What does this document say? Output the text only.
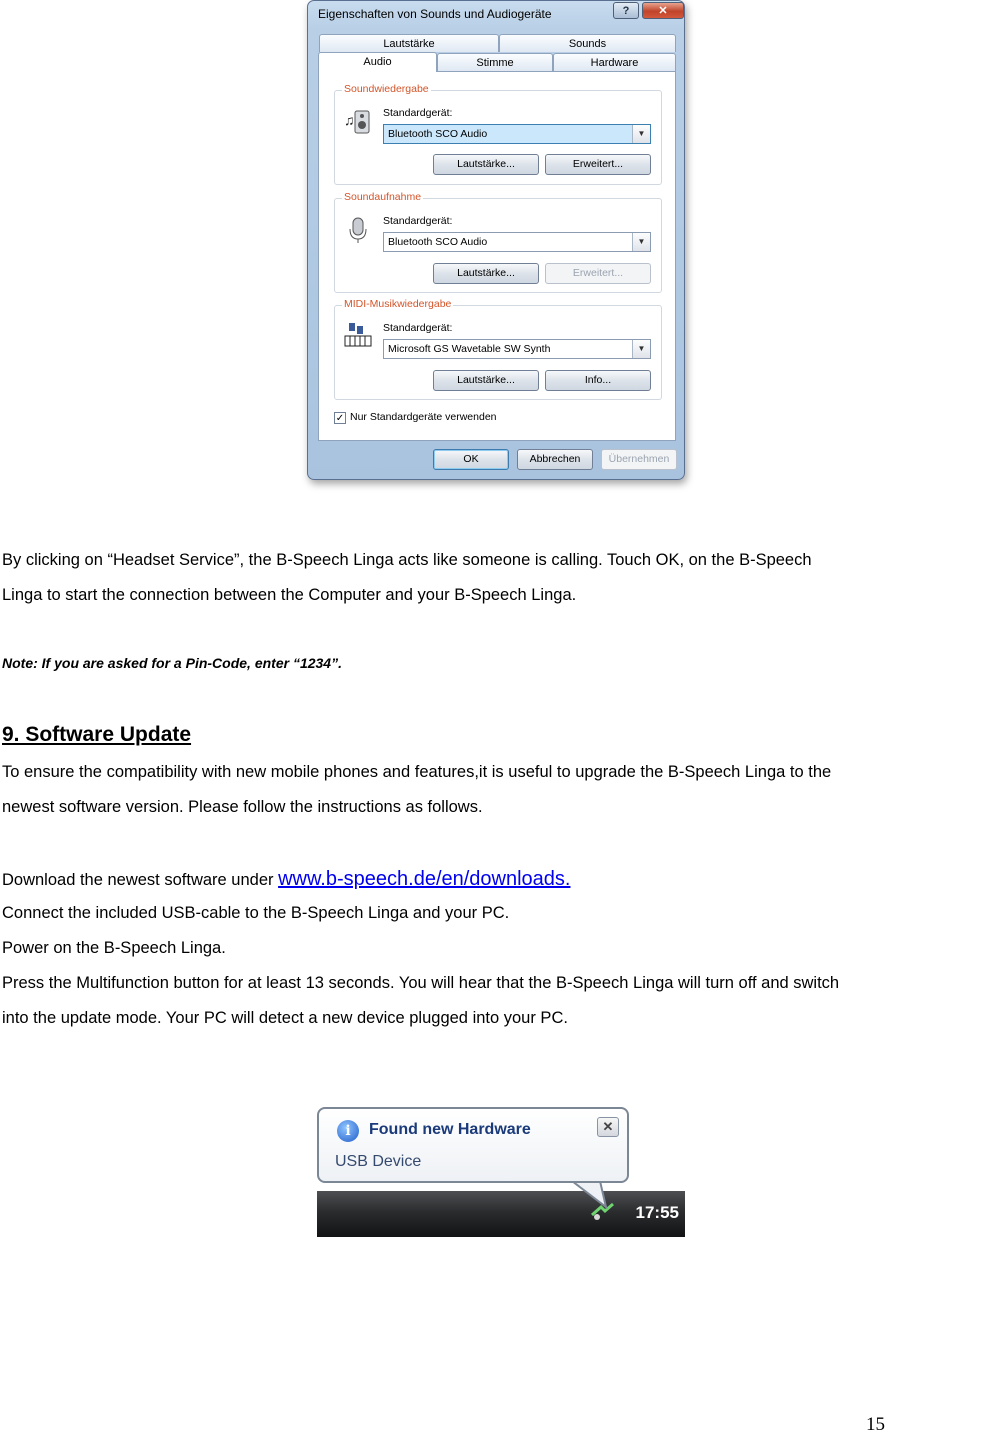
Eigenschaften von Sounds und Audiogeräte	?	✕
Lautstärke	Sounds
Audio	Stimme	Hardware
Soundwiedergabe
♫	Standardgerät:
Bluetooth SCO Audio	▼
Lautstärke...	Erweitert...
Soundaufnahme
Standardgerät:
Bluetooth SCO Audio	▼
Lautstärke...	Erweitert...
MIDI-Musikwiedergabe
Standardgerät:
Microsoft GS Wavetable SW Synth	▼
Lautstärke...	Info...
✓ Nur Standardgeräte verwenden
OK	Abbrechen	Übernehmen
By clicking on “Headset Service”, the B-Speech Linga acts like someone is calling. Touch OK, on the B-Speech
Linga to start the connection between the Computer and your B-Speech Linga.
Note: If you are asked for a Pin-Code, enter “1234”.
9. Software Update
To ensure the compatibility with new mobile phones and features,it is useful to upgrade the B-Speech Linga to the
newest software version. Please follow the instructions as follows.
Download the newest software under www.b-speech.de/en/downloads.
Connect the included USB-cable to the B-Speech Linga and your PC.
Power on the B-Speech Linga.
Press the Multifunction button for at least 13 seconds. You will hear that the B-Speech Linga will turn off and switch
into the update mode. Your PC will detect a new device plugged into your PC.
17:55
i	Found new Hardware
USB Device
✕
15
